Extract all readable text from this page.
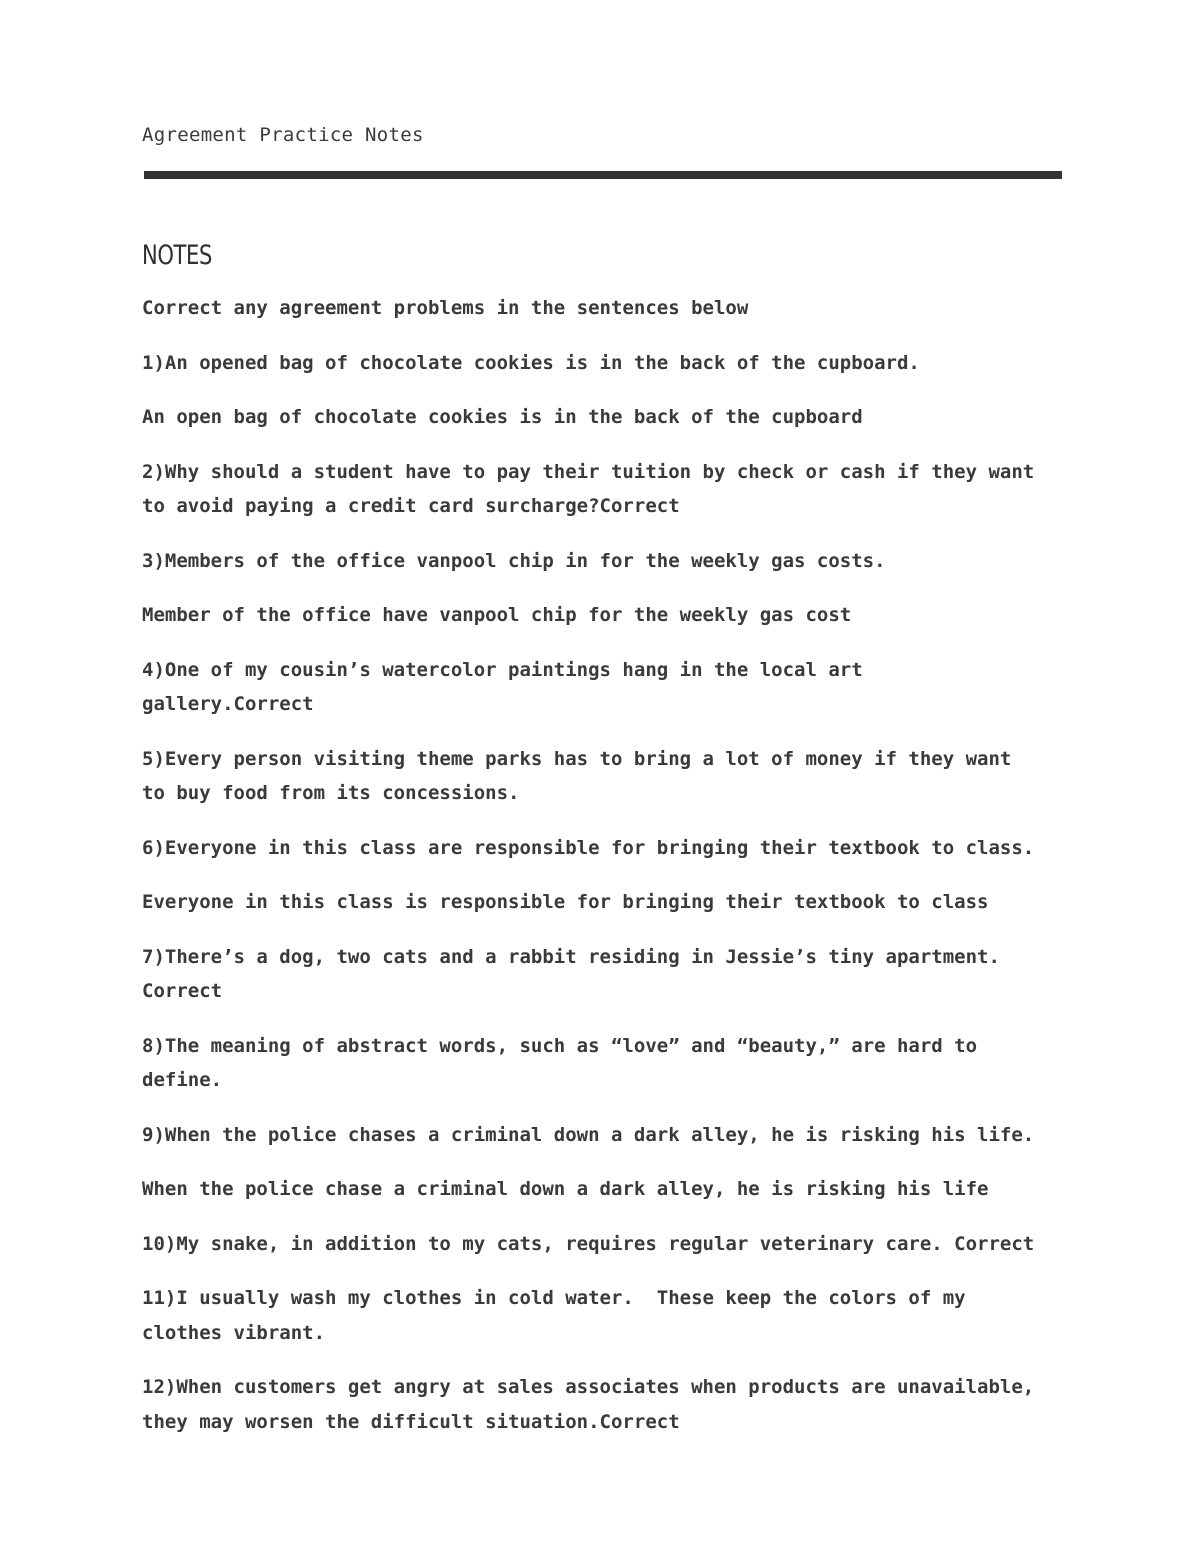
Agreement Practice Notes
NOTES

Correct any agreement problems in the sentences below

1)An opened bag of chocolate cookies is in the back of the cupboard.

An open bag of chocolate cookies is in the back of the cupboard

2)Why should a student have to pay their tuition by check or cash if they want
to avoid paying a credit card surcharge?Correct

3)Members of the office vanpool chip in for the weekly gas costs.

Member of the office have vanpool chip for the weekly gas cost

4)One of my cousin’s watercolor paintings hang in the local art
gallery.Correct

5)Every person visiting theme parks has to bring a lot of money if they want
to buy food from its concessions.

6)Everyone in this class are responsible for bringing their textbook to class.

Everyone in this class is responsible for bringing their textbook to class

7)There’s a dog, two cats and a rabbit residing in Jessie’s tiny apartment.
Correct

8)The meaning of abstract words, such as “love” and “beauty,” are hard to
define.

9)When the police chases a criminal down a dark alley, he is risking his life.

When the police chase a criminal down a dark alley, he is risking his life

10)My snake, in addition to my cats, requires regular veterinary care. Correct

11)I usually wash my clothes in cold water.  These keep the colors of my
clothes vibrant.

12)When customers get angry at sales associates when products are unavailable,
they may worsen the difficult situation.Correct
